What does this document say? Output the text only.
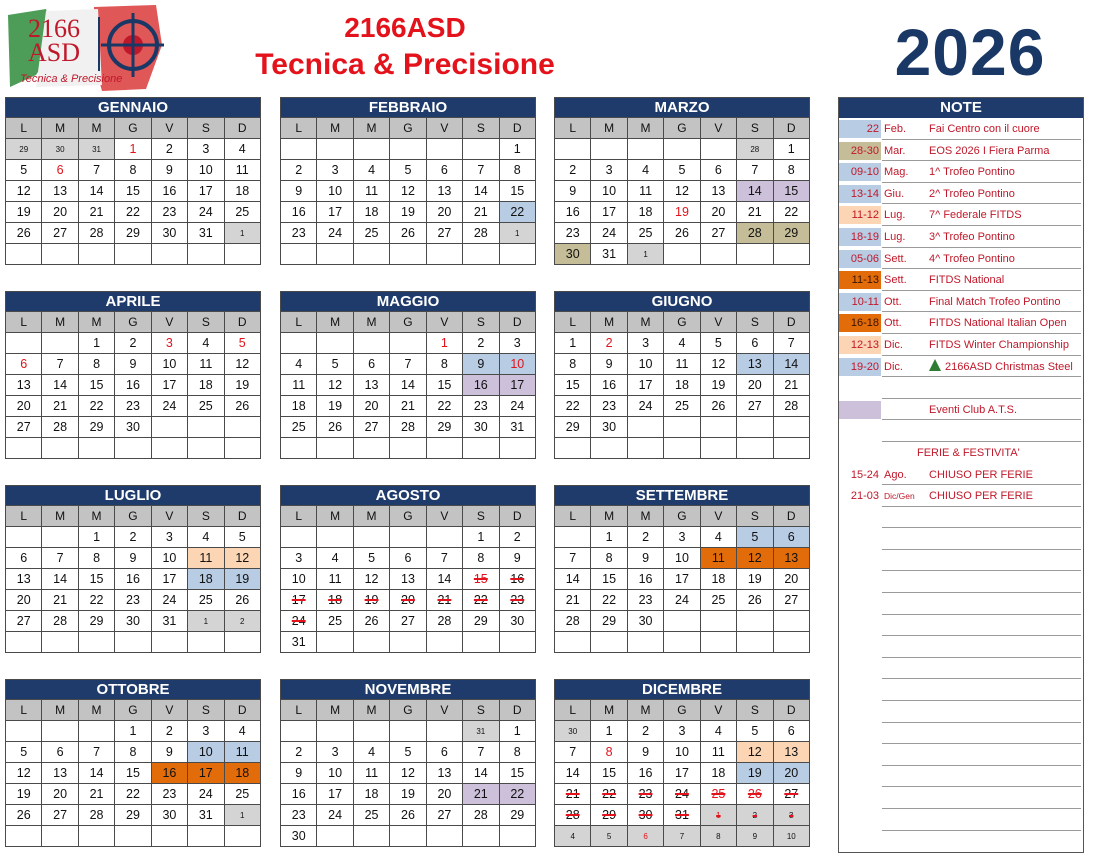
2166 ASD
Tecnica & Precisione
2166ASD
Tecnica & Precisione	2026
GENNAIO						
L	M	M	G	V	S	D
29	30	31	1	2	3	4
5	6	7	8	9	10	11
12	13	14	15	16	17	18
19	20	21	22	23	24	25
26	27	28	29	30	31	1

FEBBRAIO						
L	M	M	G	V	S	D
						1
2	3	4	5	6	7	8
9	10	11	12	13	14	15
16	17	18	19	20	21	22
23	24	25	26	27	28	1

MARZO						
L	M	M	G	V	S	D
					28	1
2	3	4	5	6	7	8
9	10	11	12	13	14	15
16	17	18	19	20	21	22
23	24	25	26	27	28	29
30	31	1				
APRILE						
L	M	M	G	V	S	D
		1	2	3	4	5
6	7	8	9	10	11	12
13	14	15	16	17	18	19
20	21	22	23	24	25	26
27	28	29	30			

MAGGIO						
L	M	M	G	V	S	D
				1	2	3
4	5	6	7	8	9	10
11	12	13	14	15	16	17
18	19	20	21	22	23	24
25	26	27	28	29	30	31

GIUGNO						
L	M	M	G	V	S	D
1	2	3	4	5	6	7
8	9	10	11	12	13	14
15	16	17	18	19	20	21
22	23	24	25	26	27	28
29	30					

LUGLIO						
L	M	M	G	V	S	D
		1	2	3	4	5
6	7	8	9	10	11	12
13	14	15	16	17	18	19
20	21	22	23	24	25	26
27	28	29	30	31	1	2

AGOSTO						
L	M	M	G	V	S	D
					1	2
3	4	5	6	7	8	9
10	11	12	13	14	15	16
17	18	19	20	21	22	23
24	25	26	27	28	29	30
31						
SETTEMBRE						
L	M	M	G	V	S	D
	1	2	3	4	5	6
7	8	9	10	11	12	13
14	15	16	17	18	19	20
21	22	23	24	25	26	27
28	29	30				

OTTOBRE						
L	M	M	G	V	S	D
			1	2	3	4
5	6	7	8	9	10	11
12	13	14	15	16	17	18
19	20	21	22	23	24	25
26	27	28	29	30	31	1

NOVEMBRE						
L	M	M	G	V	S	D
					31	1
2	3	4	5	6	7	8
9	10	11	12	13	14	15
16	17	18	19	20	21	22
23	24	25	26	27	28	29
30						
DICEMBRE						
L	M	M	G	V	S	D
30	1	2	3	4	5	6
7	8	9	10	11	12	13
14	15	16	17	18	19	20
21	22	23	24	25	26	27
28	29	30	31	1	2	3
4	5	6	7	8	9	10
NOTE
22 Feb.	Fai Centro con il cuore
28-30 Mar.	EOS 2026 I Fiera Parma
09-10 Mag.	1^ Trofeo Pontino
13-14 Giu.	2^ Trofeo Pontino
11-12 Lug.	7^ Federale FITDS
18-19 Lug.	3^ Trofeo Pontino
05-06 Sett.	4^ Trofeo Pontino
11-13 Sett.	FITDS National
10-11 Ott.	Final Match Trofeo Pontino
16-18 Ott.	FITDS National Italian Open
12-13 Dic.	FITDS Winter Championship
19-20 Dic.	2166ASD Christmas Steel
Eventi Club A.T.S.
FERIE & FESTIVITA'
15-24 Ago.	CHIUSO PER FERIE
21-03 Dic/Gen	CHIUSO PER FERIE
